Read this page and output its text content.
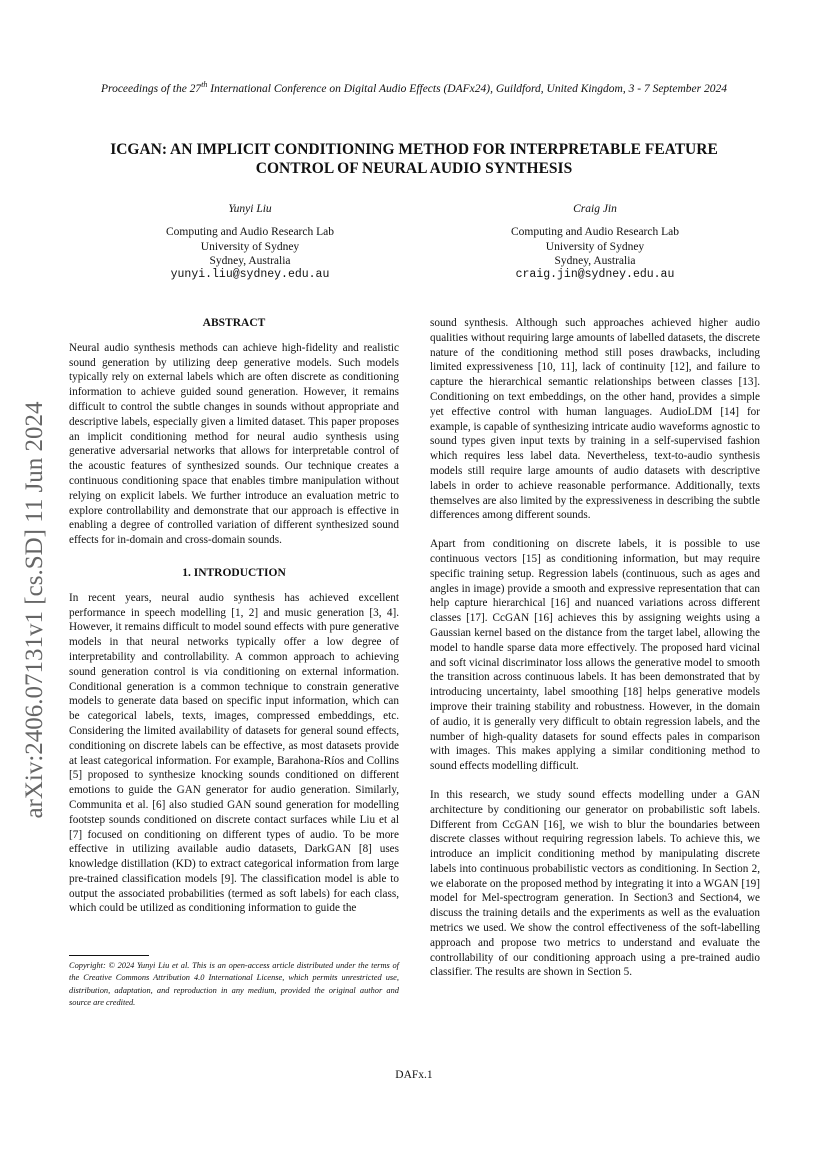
Proceedings of the 27th International Conference on Digital Audio Effects (DAFx24), Guildford, United Kingdom, 3 - 7 September 2024
ICGAN: AN IMPLICIT CONDITIONING METHOD FOR INTERPRETABLE FEATURE
CONTROL OF NEURAL AUDIO SYNTHESIS
Yunyi Liu
Computing and Audio Research Lab
University of Sydney
Sydney, Australia
yunyi.liu@sydney.edu.au
Craig Jin
Computing and Audio Research Lab
University of Sydney
Sydney, Australia
craig.jin@sydney.edu.au
arXiv:2406.07131v1 [cs.SD] 11 Jun 2024
ABSTRACT

Neural audio synthesis methods can achieve high-fidelity and realistic sound generation by utilizing deep generative models. Such models typically rely on external labels which are often discrete as conditioning information to achieve guided sound generation. However, it remains difficult to control the subtle changes in sounds without appropriate and descriptive labels, especially given a limited dataset. This paper proposes an implicit conditioning method for neural audio synthesis using generative adversarial networks that allows for interpretable control of the acoustic features of synthesized sounds. Our technique creates a continuous conditioning space that enables timbre manipulation without relying on explicit labels. We further introduce an evaluation metric to explore controllability and demonstrate that our approach is effective in enabling a degree of controlled variation of different synthesized sound effects for in-domain and cross-domain sounds.

1. INTRODUCTION

In recent years, neural audio synthesis has achieved excellent performance in speech modelling [1, 2] and music generation [3, 4]. However, it remains difficult to model sound effects with pure generative models in that neural networks typically offer a low degree of interpretability and controllability. A common approach to achieving sound generation control is via conditioning on external information. Conditional generation is a common technique to constrain generative models to generate data based on specific input information, which can be categorical labels, texts, images, compressed embeddings, etc. Considering the limited availability of datasets for general sound effects, conditioning on discrete labels can be effective, as most datasets provide at least categorical information. For example, Barahona-Ríos and Collins [5] proposed to synthesize knocking sounds conditioned on different emotions to guide the GAN generator for audio generation. Similarly, Communita et al. [6] also studied GAN sound generation for modelling footstep sounds conditioned on discrete contact surfaces while Liu et al [7] focused on conditioning on different types of audio. To be more effective in utilizing available audio datasets, DarkGAN [8] uses knowledge distillation (KD) to extract categorical information from large pre-trained classification models [9]. The classification model is able to output the associated probabilities (termed as soft labels) for each class, which could be utilized as conditioning information to guide the

sound synthesis. Although such approaches achieved higher audio qualities without requiring large amounts of labelled datasets, the discrete nature of the conditioning method still poses drawbacks, including limited expressiveness [10, 11], lack of continuity [12], and failure to capture the hierarchical semantic relationships between classes [13]. Conditioning on text embeddings, on the other hand, provides a simple yet effective control with human languages. AudioLDM [14] for example, is capable of synthesizing intricate audio waveforms agnostic to sound types given input texts by training in a self-supervised fashion which requires less label data. Nevertheless, text-to-audio synthesis models still require large amounts of audio datasets with descriptive labels in order to achieve reasonable performance. Additionally, texts themselves are also limited by the expressiveness in describing the subtle differences among different sounds.

Apart from conditioning on discrete labels, it is possible to use continuous vectors [15] as conditioning information, but may require specific training setup. Regression labels (continuous, such as ages and angles in image) provide a smooth and expressive representation that can help capture hierarchical [16] and nuanced variations across different classes [17]. CcGAN [16] achieves this by assigning weights using a Gaussian kernel based on the distance from the target label, allowing the model to handle sparse data more effectively. The proposed hard vicinal and soft vicinal discriminator loss allows the generative model to smooth the transition across continuous labels. It has been demonstrated that by introducing uncertainty, label smoothing [18] helps generative models improve their training stability and robustness. However, in the domain of audio, it is generally very difficult to obtain regression labels, and the number of high-quality datasets for sound effects pales in comparison with images. This makes applying a similar conditioning method to sound effects modelling difficult.

In this research, we study sound effects modelling under a GAN architecture by conditioning our generator on probabilistic soft labels. Different from CcGAN [16], we wish to blur the boundaries between discrete classes without requiring regression labels. To achieve this, we introduce an implicit conditioning method by manipulating discrete labels into continuous probabilistic vectors as conditioning. In Section 2, we elaborate on the proposed method by integrating it into a WGAN [19] model for Mel-spectrogram generation. In Section3 and Section4, we discuss the training details and the experiments as well as the evaluation metrics we used. We show the control effectiveness of the soft-labelling approach and propose two metrics to understand and evaluate the controllability of our conditioning approach using a pre-trained audio classifier. The results are shown in Section 5.

Copyright: © 2024 Yunyi Liu et al. This is an open-access article distributed under the terms of the Creative Commons Attribution 4.0 International License, which permits unrestricted use, distribution, adaptation, and reproduction in any medium, provided the original author and source are credited.
DAFx.1
